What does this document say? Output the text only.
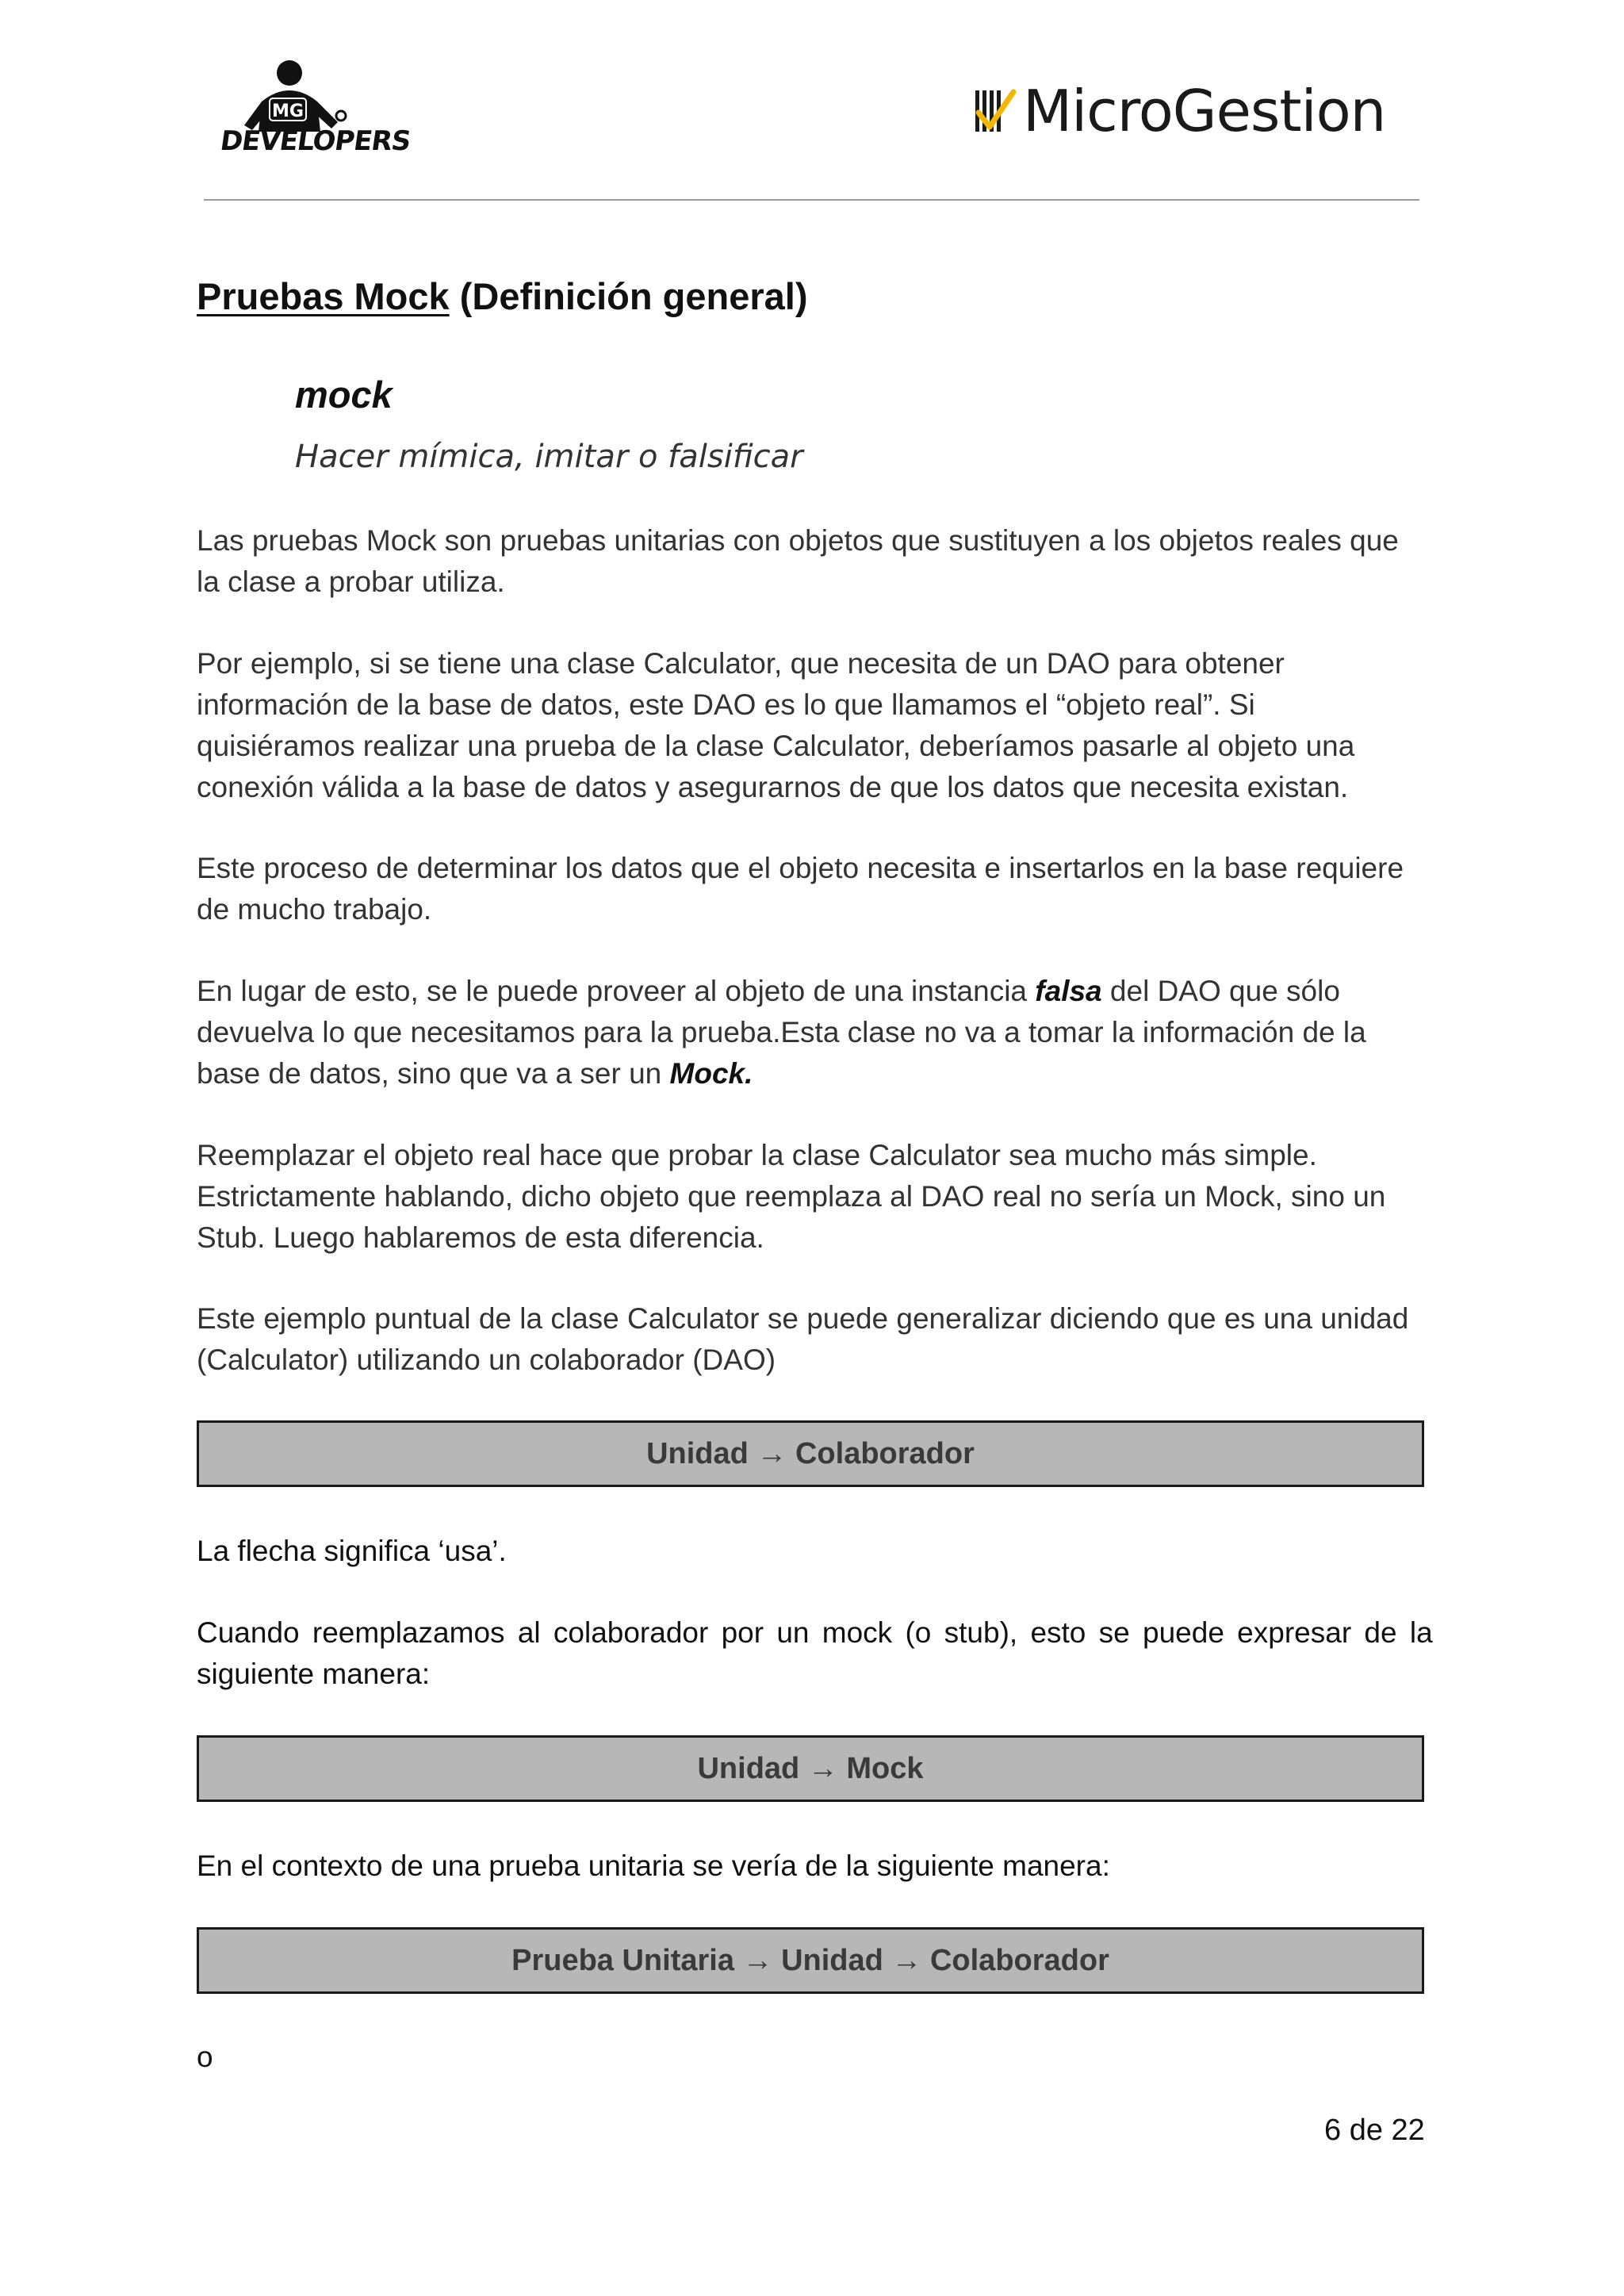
MG
DEVELOPERS	MicroGestion
Pruebas Mock (Definición general)
mock
Hacer mímica, imitar o falsificar

Las pruebas Mock son pruebas unitarias con objetos que sustituyen a los objetos reales que
la clase a probar utiliza.

Por ejemplo, si se tiene una clase Calculator, que necesita de un DAO para obtener
información de la base de datos, este DAO es lo que llamamos el “objeto real”. Si
quisiéramos realizar una prueba de la clase Calculator, deberíamos pasarle al objeto una
conexión válida a la base de datos y asegurarnos de que los datos que necesita existan.

Este proceso de determinar los datos que el objeto necesita e insertarlos en la base requiere
de mucho trabajo.

En lugar de esto, se le puede proveer al objeto de una instancia falsa del DAO que sólo
devuelva lo que necesitamos para la prueba.Esta clase no va a tomar la información de la
base de datos, sino que va a ser un Mock.

Reemplazar el objeto real hace que probar la clase Calculator sea mucho más simple.
Estrictamente hablando, dicho objeto que reemplaza al DAO real no sería un Mock, sino un
Stub. Luego hablaremos de esta diferencia.

Este ejemplo puntual de la clase Calculator se puede generalizar diciendo que es una unidad
(Calculator) utilizando un colaborador (DAO)

Unidad → Colaborador

La flecha significa ‘usa’.

Cuando reemplazamos al colaborador por un mock (o stub), esto se puede expresar de la
siguiente manera:

Unidad → Mock

En el contexto de una prueba unitaria se vería de la siguiente manera:

Prueba Unitaria → Unidad → Colaborador

o

6 de 22
